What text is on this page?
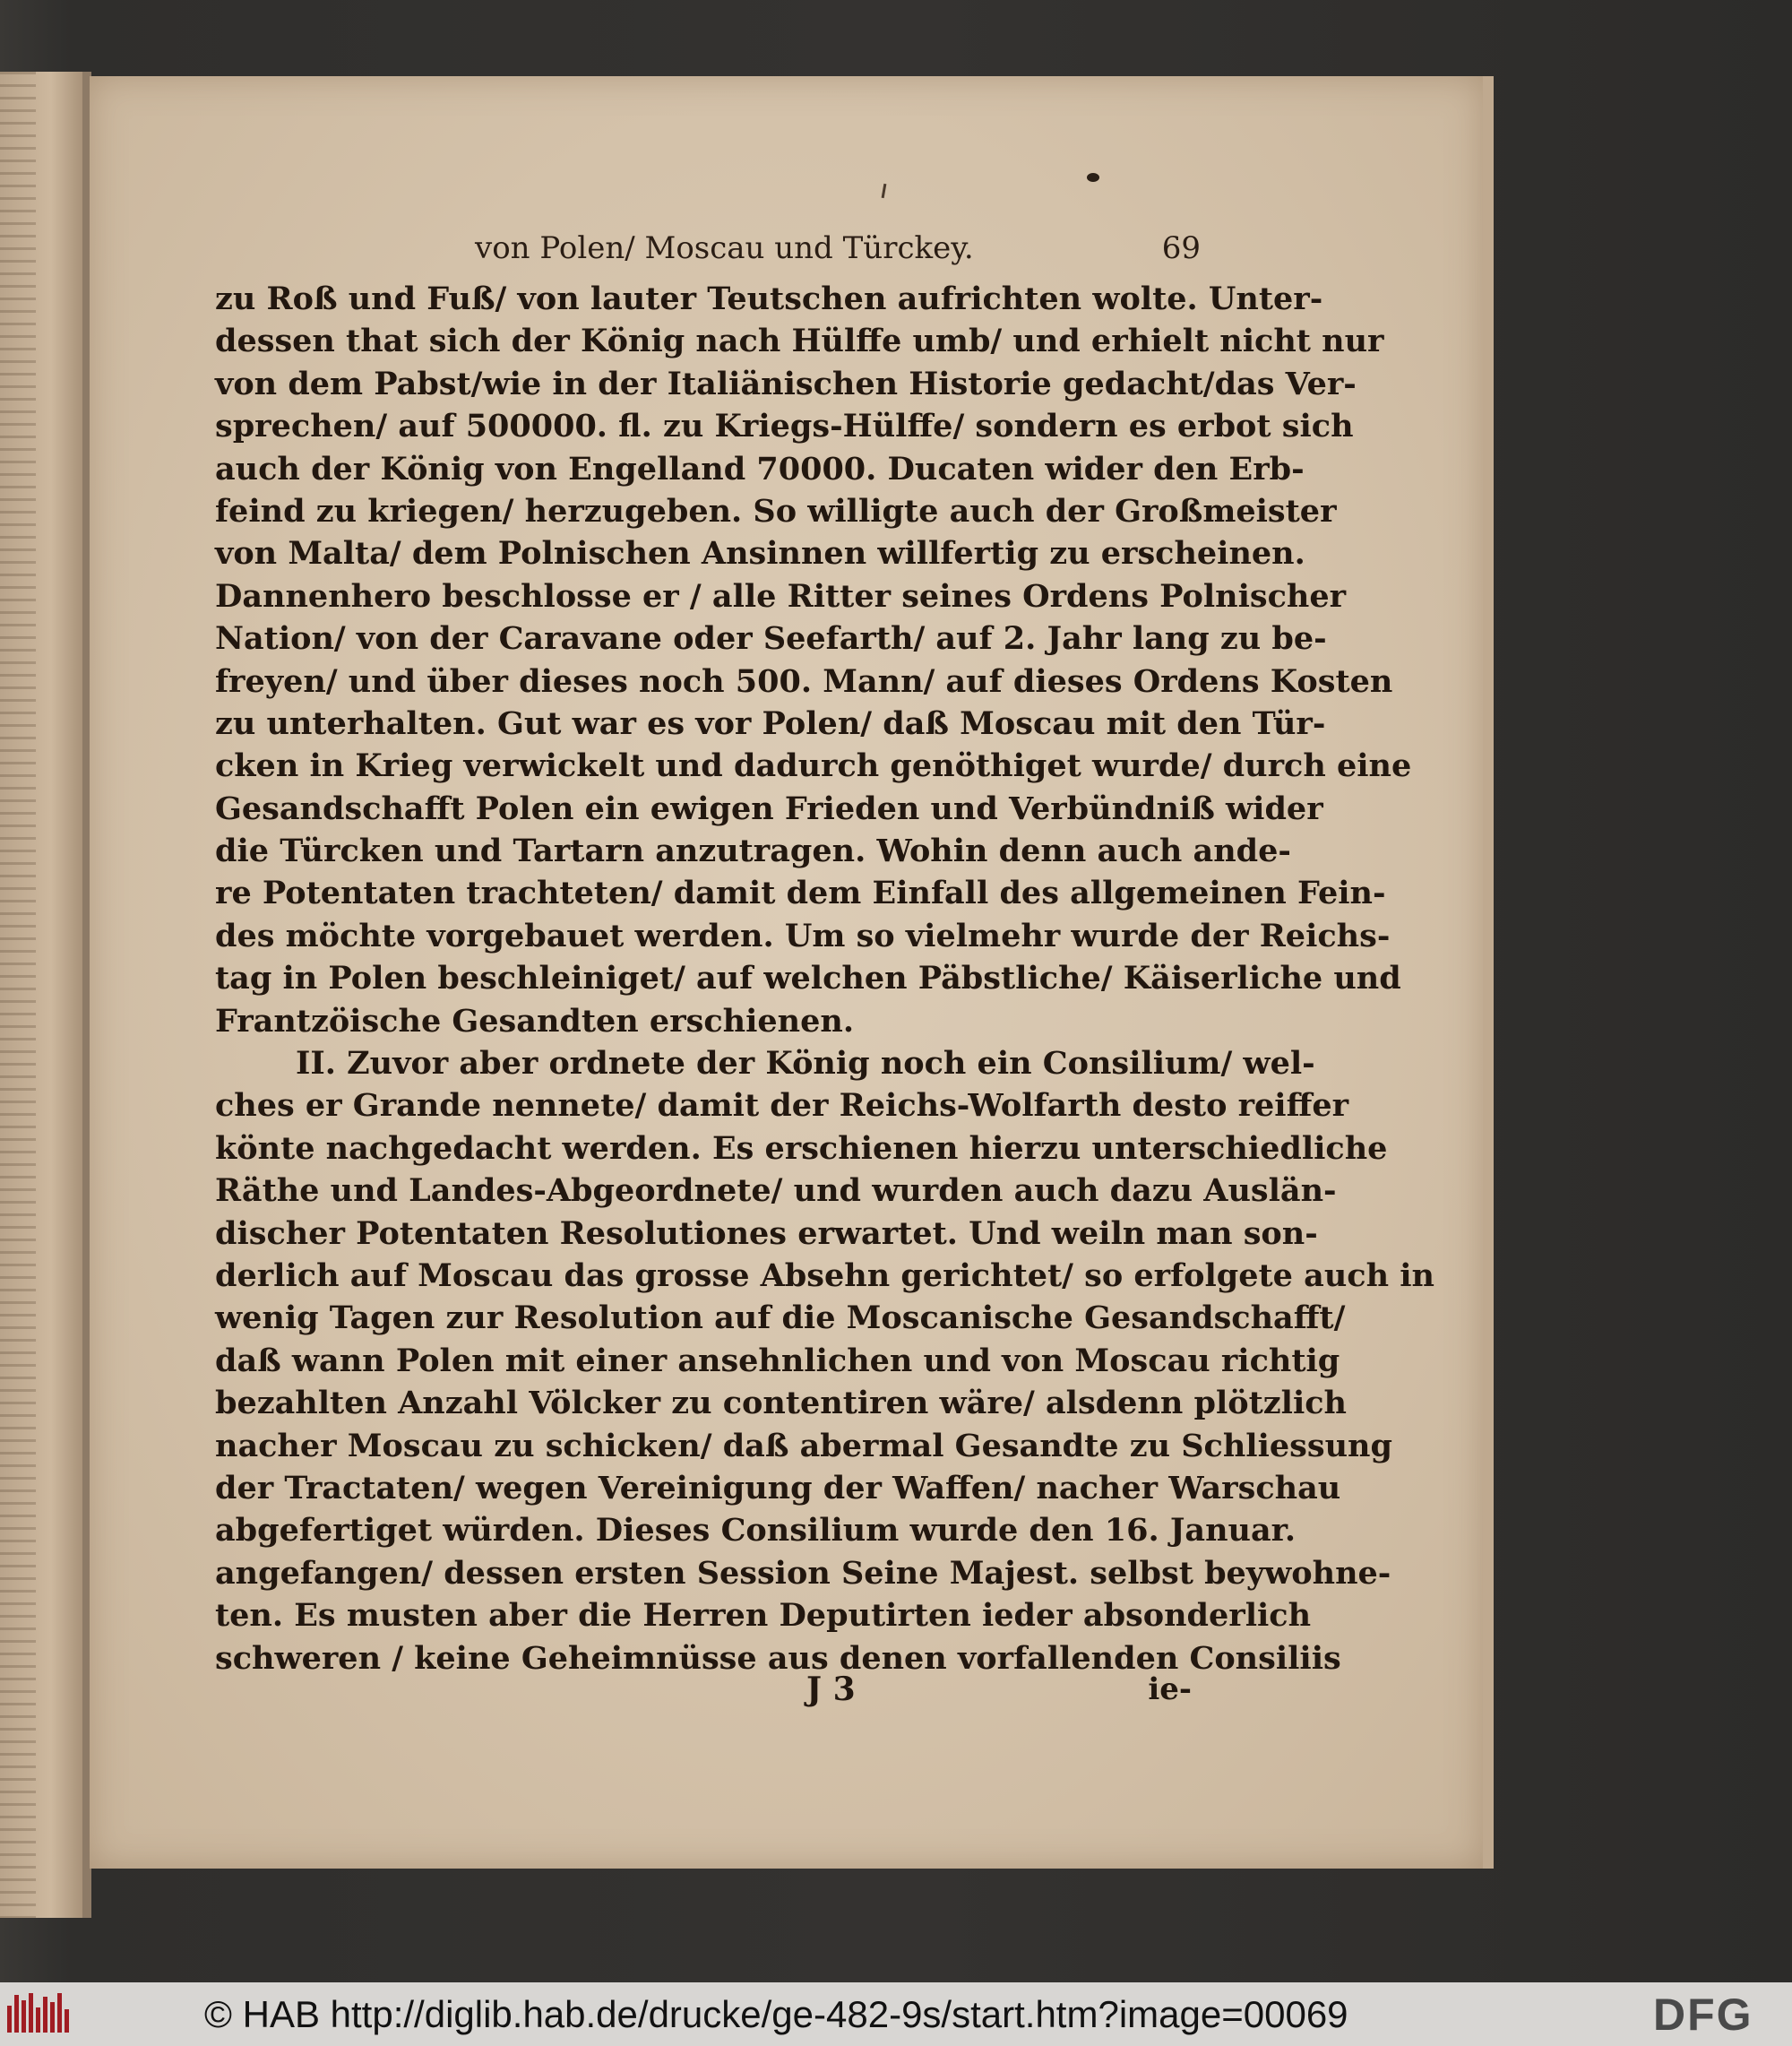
von Polen/ Moscau und Türckey.	69
zu Roß und Fuß/ von lauter Teutschen aufrichten wolte. Unter-
dessen that sich der König nach Hülffe umb/ und erhielt nicht nur
von dem Pabst/wie in der Italiänischen Historie gedacht/das Ver-
sprechen/ auf 500000. fl. zu Kriegs-Hülffe/ sondern es erbot sich
auch der König von Engelland 70000. Ducaten wider den Erb-
feind zu kriegen/ herzugeben. So willigte auch der Großmeister
von Malta/ dem Polnischen Ansinnen willfertig zu erscheinen.
Dannenhero beschlosse er / alle Ritter seines Ordens Polnischer
Nation/ von der Caravane oder Seefarth/ auf 2. Jahr lang zu be-
freyen/ und über dieses noch 500. Mann/ auf dieses Ordens Kosten
zu unterhalten. Gut war es vor Polen/ daß Moscau mit den Tür-
cken in Krieg verwickelt und dadurch genöthiget wurde/ durch eine
Gesandschafft Polen ein ewigen Frieden und Verbündniß wider
die Türcken und Tartarn anzutragen. Wohin denn auch ande-
re Potentaten trachteten/ damit dem Einfall des allgemeinen Fein-
des möchte vorgebauet werden. Um so vielmehr wurde der Reichs-
tag in Polen beschleiniget/ auf welchen Päbstliche/ Käiserliche und
Frantzöische Gesandten erschienen.
II. Zuvor aber ordnete der König noch ein Consilium/ wel-
ches er Grande nennete/ damit der Reichs-Wolfarth desto reiffer
könte nachgedacht werden. Es erschienen hierzu unterschiedliche
Räthe und Landes-Abgeordnete/ und wurden auch dazu Auslän-
discher Potentaten Resolutiones erwartet. Und weiln man son-
derlich auf Moscau das grosse Absehn gerichtet/ so erfolgete auch in
wenig Tagen zur Resolution auf die Moscanische Gesandschafft/
daß wann Polen mit einer ansehnlichen und von Moscau richtig
bezahlten Anzahl Völcker zu contentiren wäre/ alsdenn plötzlich
nacher Moscau zu schicken/ daß abermal Gesandte zu Schliessung
der Tractaten/ wegen Vereinigung der Waffen/ nacher Warschau
abgefertiget würden. Dieses Consilium wurde den 16. Januar.
angefangen/ dessen ersten Session Seine Majest. selbst beywohne-
ten. Es musten aber die Herren Deputirten ieder absonderlich
schweren / keine Geheimnüsse aus denen vorfallenden Consiliis
J 3	ie-
© HAB http://diglib.hab.de/drucke/ge-482-9s/start.htm?image=00069	DFG
